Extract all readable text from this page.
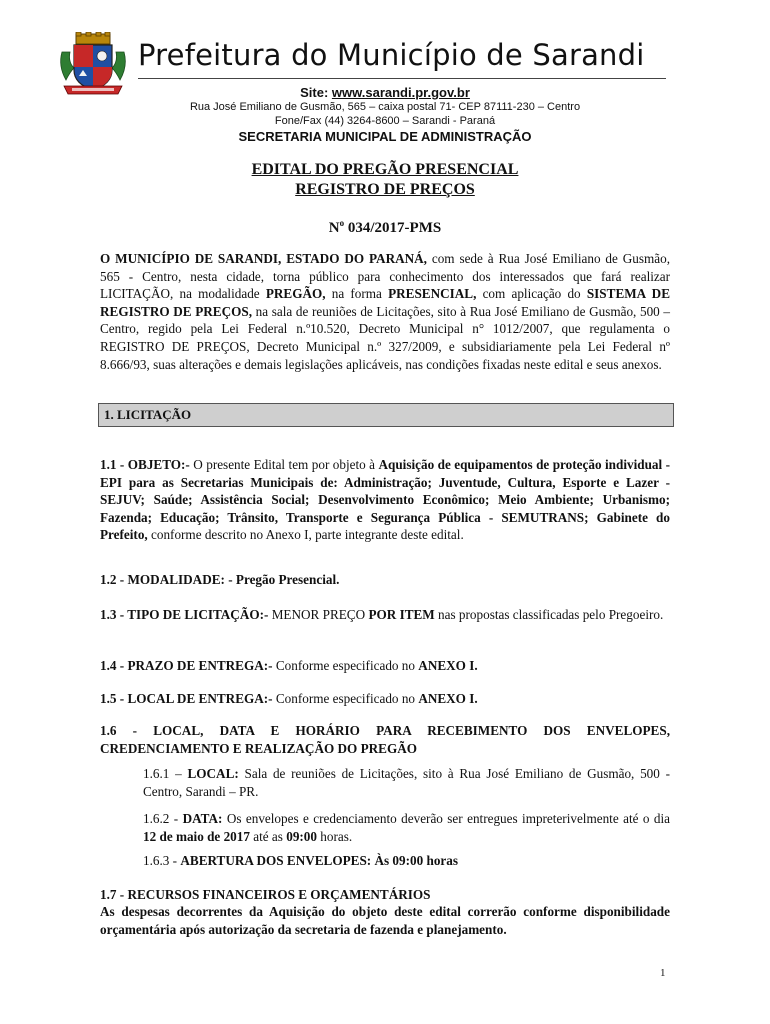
Prefeitura do Município de Sarandi
Site: www.sarandi.pr.gov.br
Rua José Emiliano de Gusmão, 565 – caixa postal 71- CEP 87111-230 – Centro
Fone/Fax (44) 3264-8600 – Sarandi - Paraná
SECRETARIA MUNICIPAL DE ADMINISTRAÇÃO
EDITAL DO PREGÃO PRESENCIAL
REGISTRO DE PREÇOS
$N^o$ 034/2017-PMS
O MUNICÍPIO DE SARANDI, ESTADO DO PARANÁ, com sede à Rua José Emiliano de Gusmão, 565 - Centro, nesta cidade, torna público para conhecimento dos interessados que fará realizar LICITAÇÃO, na modalidade PREGÃO, na forma PRESENCIAL, com aplicação do SISTEMA DE REGISTRO DE PREÇOS, na sala de reuniões de Licitações, sito à Rua José Emiliano de Gusmão, 500 – Centro, regido pela Lei Federal n.º10.520, Decreto Municipal n° 1012/2007, que regulamenta o REGISTRO DE PREÇOS, Decreto Municipal n.º 327/2009, e subsidiariamente pela Lei Federal nº 8.666/93, suas alterações e demais legislações aplicáveis, nas condições fixadas neste edital e seus anexos.
1. LICITAÇÃO
1.1 - OBJETO:- O presente Edital tem por objeto à Aquisição de equipamentos de proteção individual - EPI para as Secretarias Municipais de: Administração; Juventude, Cultura, Esporte e Lazer - SEJUV; Saúde; Assistência Social; Desenvolvimento Econômico; Meio Ambiente; Urbanismo; Fazenda; Educação; Trânsito, Transporte e Segurança Pública - SEMUTRANS; Gabinete do Prefeito, conforme descrito no Anexo I, parte integrante deste edital.
1.2 - MODALIDADE: - Pregão Presencial.
1.3 - TIPO DE LICITAÇÃO:- MENOR PREÇO POR ITEM nas propostas classificadas pelo Pregoeiro.
1.4 - PRAZO DE ENTREGA:- Conforme especificado no ANEXO I.
1.5 - LOCAL DE ENTREGA:- Conforme especificado no ANEXO I.
1.6 - LOCAL, DATA E HORÁRIO PARA RECEBIMENTO DOS ENVELOPES, CREDENCIAMENTO E REALIZAÇÃO DO PREGÃO
1.6.1 – LOCAL: Sala de reuniões de Licitações, sito à Rua José Emiliano de Gusmão, 500 - Centro, Sarandi – PR.
1.6.2 - DATA: Os envelopes e credenciamento deverão ser entregues impreterivelmente até o dia 12 de maio de 2017 até as 09:00 horas.
1.6.3 - ABERTURA DOS ENVELOPES: Às 09:00 horas
1.7 - RECURSOS FINANCEIROS E ORÇAMENTÁRIOS
As despesas decorrentes da Aquisição do objeto deste edital correrão conforme disponibilidade orçamentária após autorização da secretaria de fazenda e planejamento.
1
